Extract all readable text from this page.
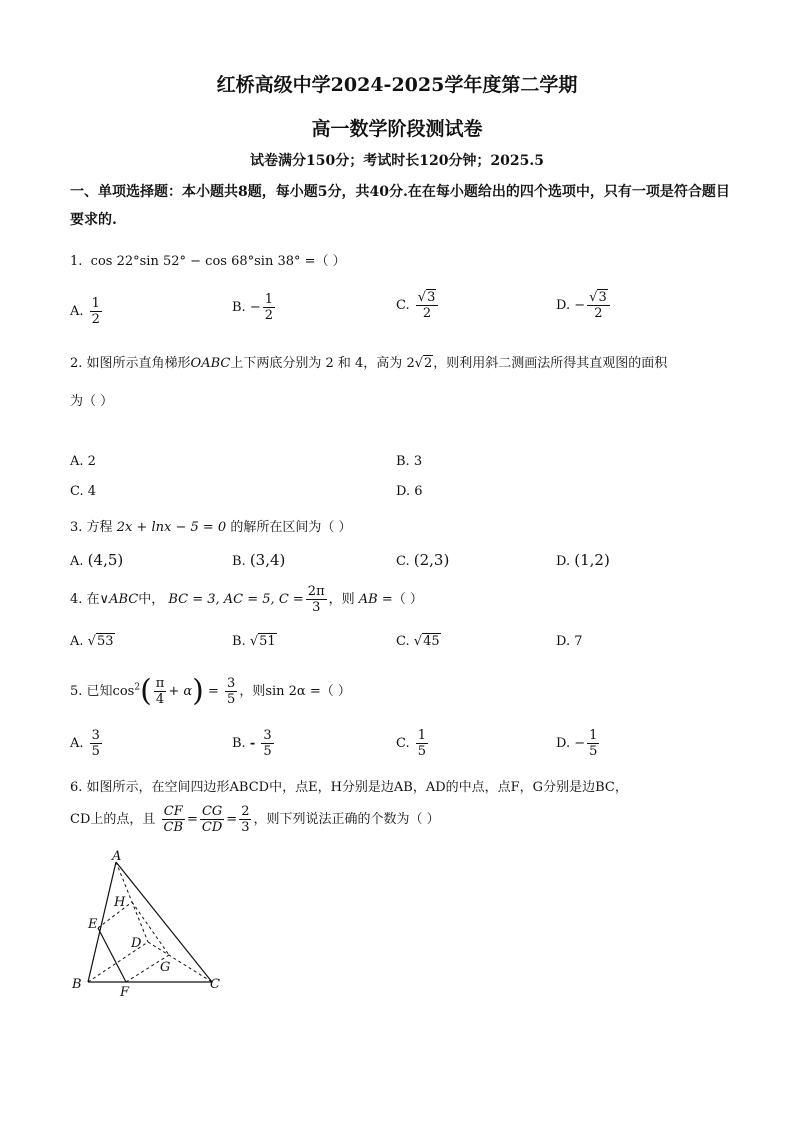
红桥高级中学2024-2025学年度第二学期
高一数学阶段测试卷
试卷满分150分；考试时长120分钟；2025.5
一、单项选择题：本小题共8题，每小题5分，共40分.在在每小题给出的四个选项中，只有一项是符合题目要求的.
1. cos 22°sin 52° − cos 68°sin 38° =（ ）
A. $\frac{1}{2}$	B. − $\frac{1}{2}$	C. $\frac{√3}{2}$	D. − $\frac{√3}{2}$
2. 如图所示直角梯形OABC上下两底分别为 2 和 4，高为 2√2，则利用斜二测画法所得其直观图的面积
为（ ）
A. 2	B. 3
C. 4	D. 6
3. 方程 2x + lnx − 5 = 0 的解所在区间为（ ）
A. (4,5)	B. (3,4)	C. (2,3)	D. (1,2)
4. 在∨ABC中， BC = 3, AC = 5, $C = \frac{2\pi}{3}$ ，则 AB =（ ）
A. √53	B. √51	C. √45	D. 7
5. 已知$\cos^2( \frac{\pi}{4} + \alpha) = \frac{3}{5}$ ，则sin 2α =（ ）
A. $\frac{3}{5}$	B. - $\frac{3}{5}$	C. $\frac{1}{5}$	D. − $\frac{1}{5}$
6. 如图所示，在空间四边形ABCD中，点E，H分别是边AB，AD的中点，点F，G分别是边BC，
CD上的点，且 $\frac{CF}{CB} = \frac{CG}{CD} = \frac{2}{3}$ ，则下列说法正确的个数为（ ）
A
B	C
D
E
F
G
H
